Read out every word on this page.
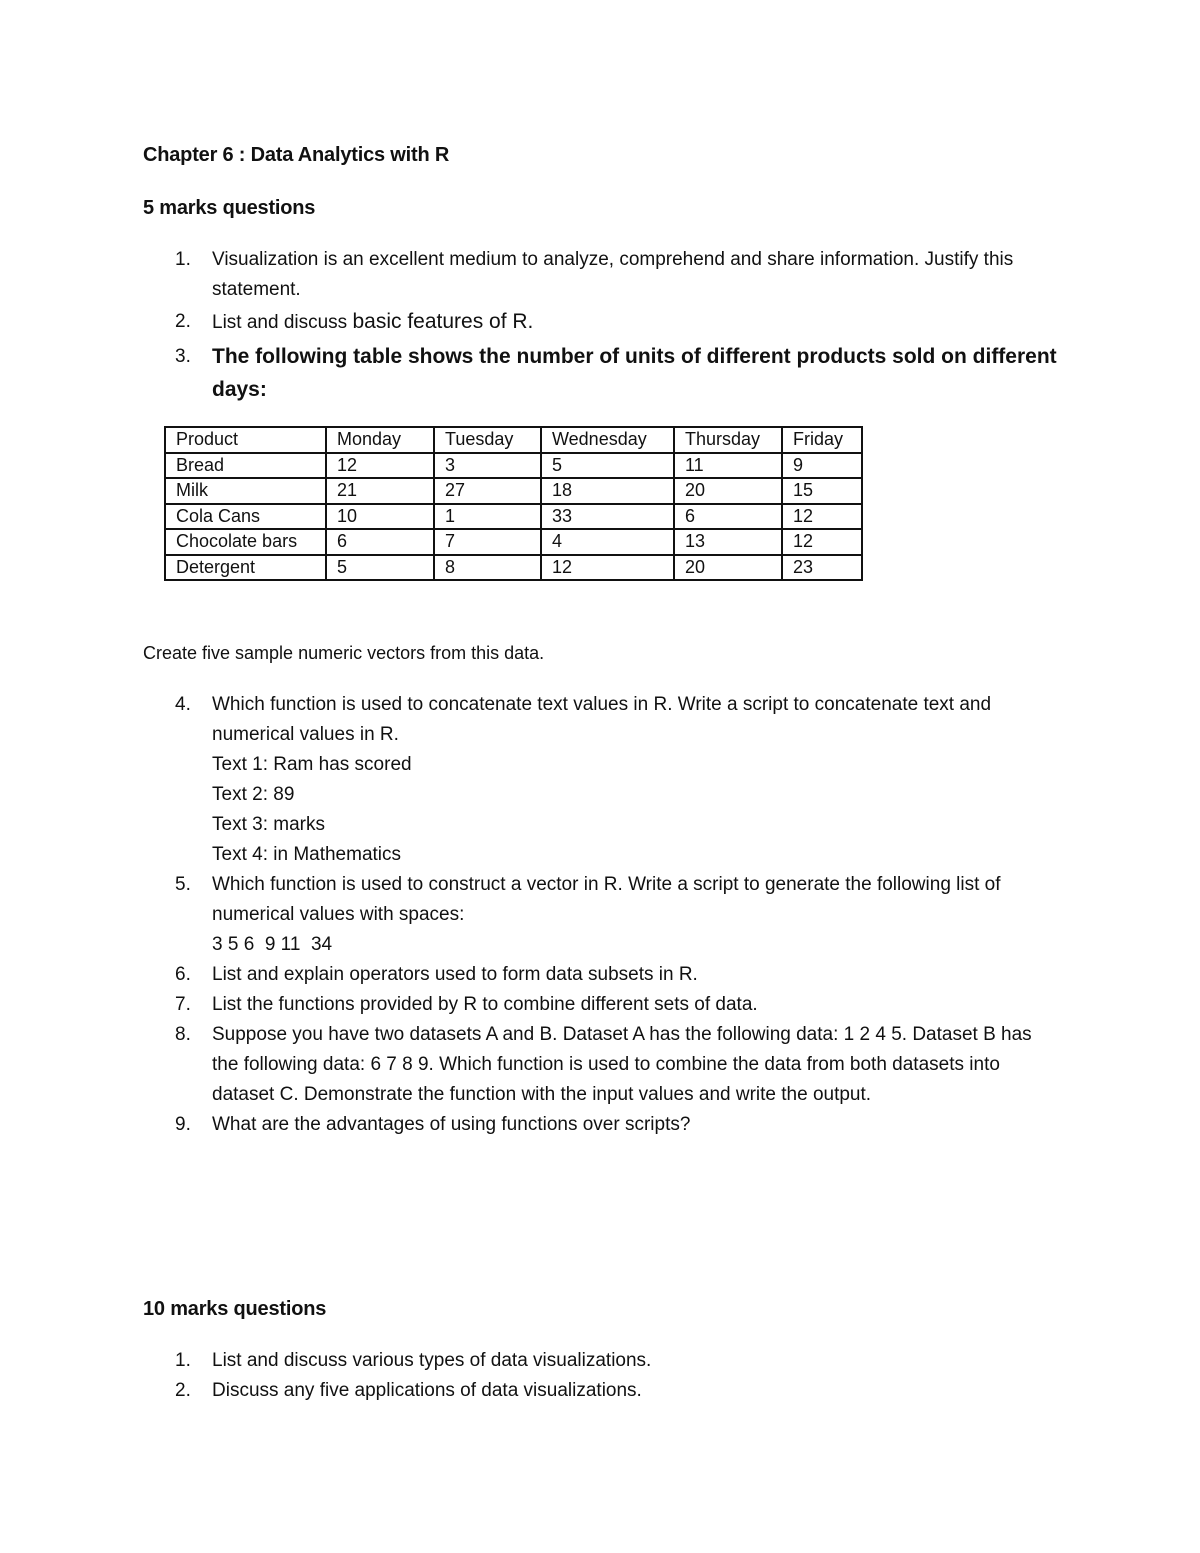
Chapter 6 : Data Analytics with R
5 marks questions
1. Visualization is an excellent medium to analyze, comprehend and share information. Justify this
statement.
2. List and discuss basic features of R.
3. The following table shows the number of units of different products sold on different
days:
Product	Monday	Tuesday	Wednesday	Thursday	Friday
Bread	12	3	5	11	9
Milk	21	27	18	20	15
Cola Cans	10	1	33	6	12
Chocolate bars	6	7	4	13	12
Detergent	5	8	12	20	23
Create five sample numeric vectors from this data.
4. Which function is used to concatenate text values in R. Write a script to concatenate text and
numerical values in R.
Text 1: Ram has scored
Text 2: 89
Text 3: marks
Text 4: in Mathematics
5. Which function is used to construct a vector in R. Write a script to generate the following list of
numerical values with spaces:
3 5 6  9 11  34
6. List and explain operators used to form data subsets in R.
7. List the functions provided by R to combine different sets of data.
8. Suppose you have two datasets A and B. Dataset A has the following data: 1 2 4 5. Dataset B has
the following data: 6 7 8 9. Which function is used to combine the data from both datasets into
dataset C. Demonstrate the function with the input values and write the output.
9. What are the advantages of using functions over scripts?
10 marks questions
1. List and discuss various types of data visualizations.
2. Discuss any five applications of data visualizations.
